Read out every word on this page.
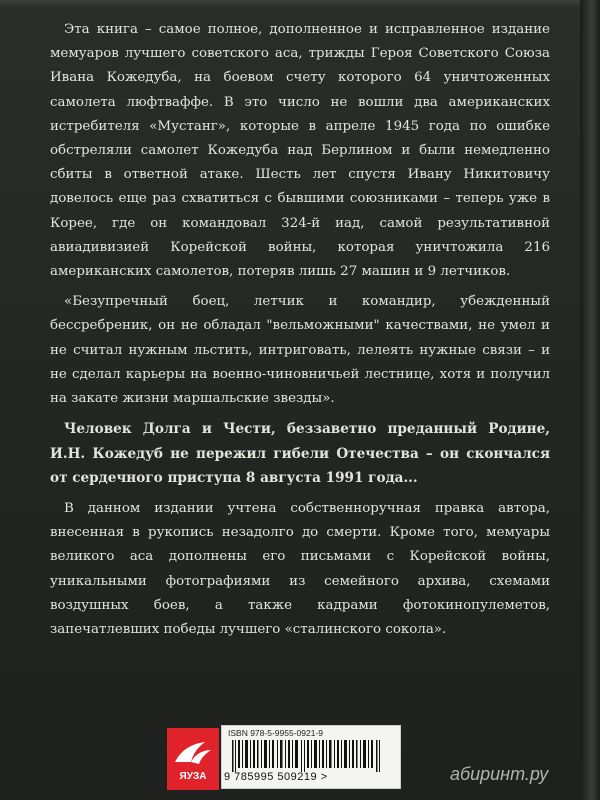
Эта книга – самое полное, дополненное и исправленное издание мемуаров лучшего советского аса, трижды Героя Советского Союза Ивана Кожедуба, на боевом счету которого 64 уничтоженных самолета люфтваффе. В это число не вошли два американских истребителя «Мустанг», которые в апреле 1945 года по ошибке обстреляли самолет Кожедуба над Берлином и были немедленно сбиты в ответной атаке. Шесть лет спустя Ивану Никитовичу довелось еще раз схватиться с бывшими союзниками – теперь уже в Корее, где он командовал 324-й иад, самой результативной авиадивизией Корейской войны, которая уничтожила 216 американских самолетов, потеряв лишь 27 машин и 9 летчиков.

«Безупречный боец, летчик и командир, убежденный бессребреник, он не обладал "вельможными" качествами, не умел и не считал нужным льстить, интриговать, лелеять нужные связи – и не сделал карьеры на военно-чиновничьей лестнице, хотя и получил на закате жизни маршальские звезды».

Человек Долга и Чести, беззаветно преданный Родине, И.Н. Кожедуб не пережил гибели Отечества – он скончался от сердечного приступа 8 августа 1991 года...

В данном издании учтена собственноручная правка автора, внесенная в рукопись незадолго до смерти. Кроме того, мемуары великого аса дополнены его письмами с Корейской войны, уникальными фотографиями из семейного архива, схемами воздушных боев, а также кадрами фотокинопулеметов, запечатлевших победы лучшего «сталинского сокола».

ЯУЗА
ISBN 978-5-9955-0921-9
9 785995 509219 >	абиринт.ру
